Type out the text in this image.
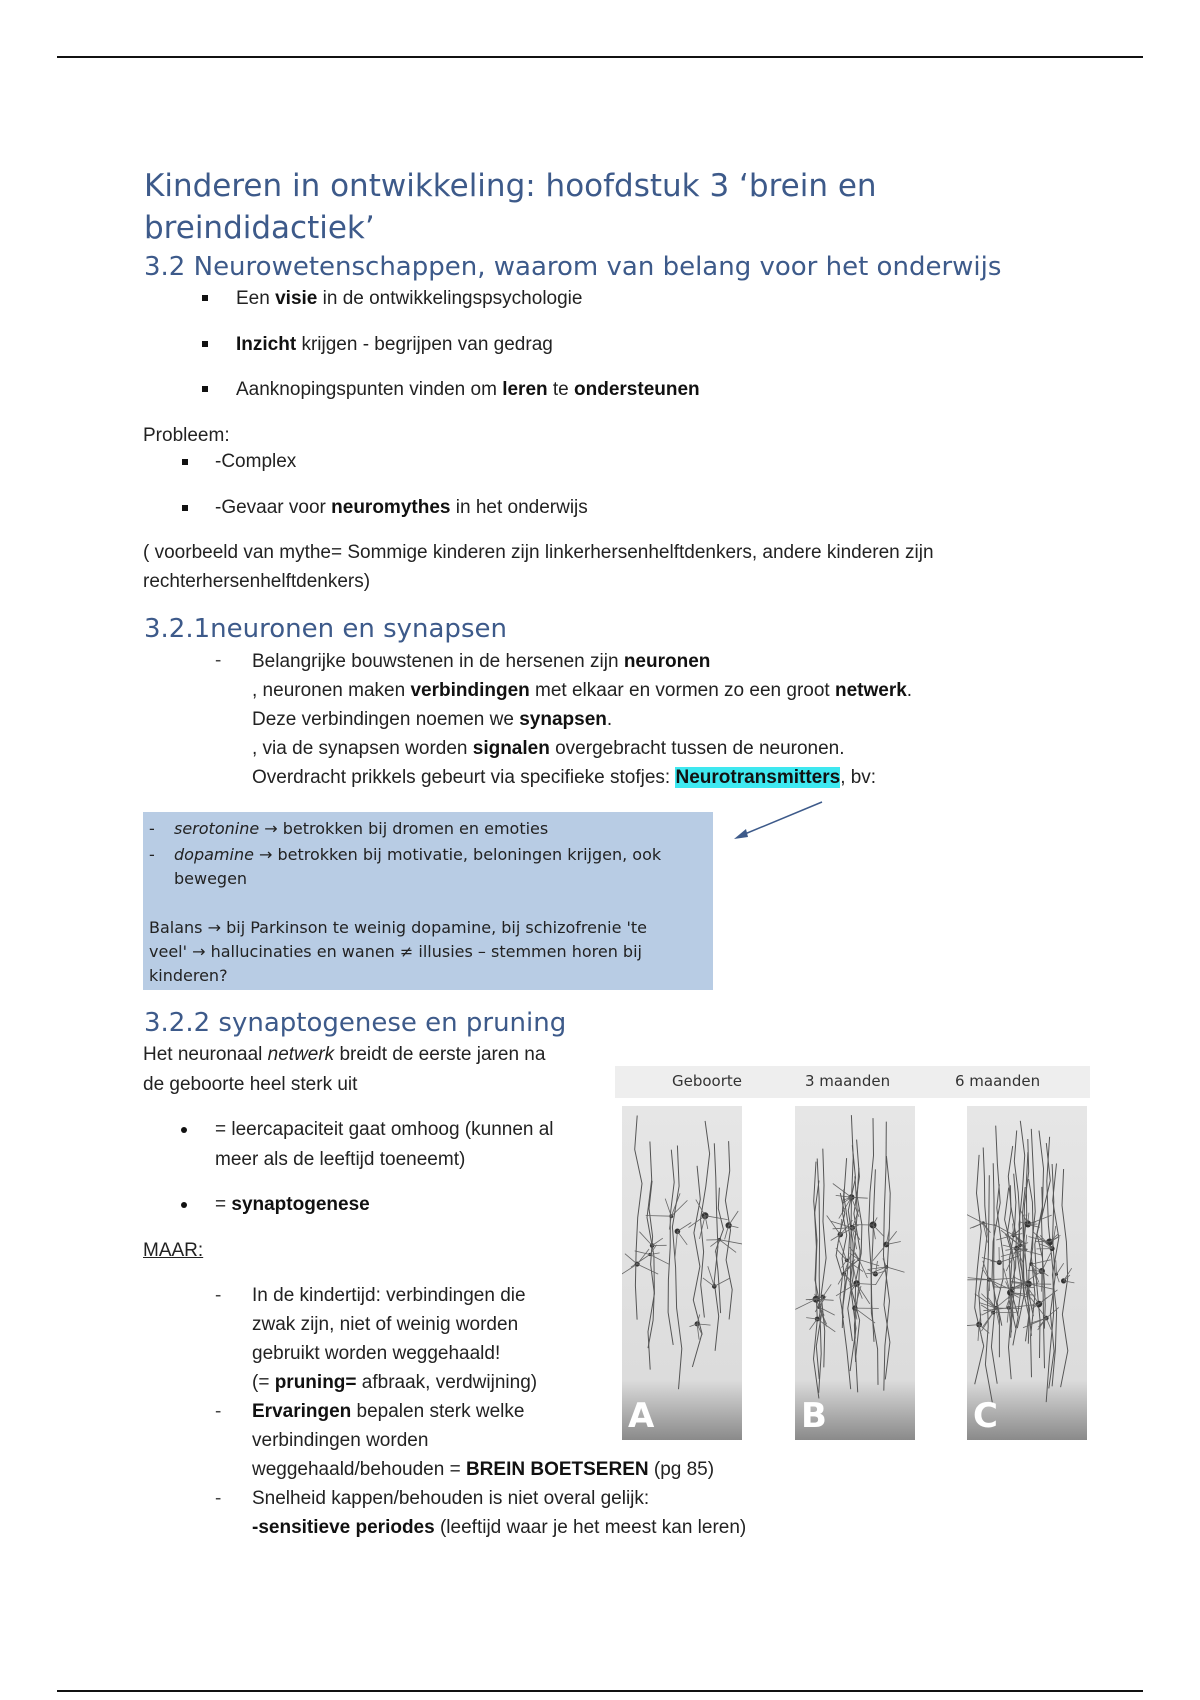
Kinderen in ontwikkeling: hoofdstuk 3 ‘brein en breindidactiek’
3.2 Neurowetenschappen, waarom van belang voor het onderwijs
Een visie in de ontwikkelingspsychologie
Inzicht krijgen - begrijpen van gedrag
Aanknopingspunten vinden om leren te ondersteunen
Probleem:
-Complex
-Gevaar voor neuromythes in het onderwijs
( voorbeeld van mythe= Sommige kinderen zijn linkerhersenhelftdenkers, andere kinderen zijn
rechterhersenhelftdenkers)
3.2.1neuronen en synapsen
- Belangrijke bouwstenen in de hersenen zijn neuronen
, neuronen maken verbindingen met elkaar en vormen zo een groot netwerk.
Deze verbindingen noemen we synapsen.
, via de synapsen worden signalen overgebracht tussen de neuronen.
Overdracht prikkels gebeurt via specifieke stofjes: Neurotransmitters, bv:
- serotonine → betrokken bij dromen en emoties
- dopamine → betrokken bij motivatie, beloningen krijgen, ook
bewegen
Balans → bij Parkinson te weinig dopamine, bij schizofrenie 'te
veel' → hallucinaties en wanen ≠ illusies – stemmen horen bij
kinderen?
3.2.2 synaptogenese en pruning
Het neuronaal netwerk breidt de eerste jaren na
de geboorte heel sterk uit
= leercapaciteit gaat omhoog (kunnen al
meer als de leeftijd toeneemt)
= synaptogenese
MAAR:
- In de kindertijd: verbindingen die
zwak zijn, niet of weinig worden
gebruikt worden weggehaald!
(= pruning= afbraak, verdwijning)
- Ervaringen bepalen sterk welke
verbindingen worden
weggehaald/behouden = BREIN BOETSEREN (pg 85)
- Snelheid kappen/behouden is niet overal gelijk:
-sensitieve periodes (leeftijd waar je het meest kan leren)
Geboorte	3 maanden	6 maanden
A	B	C
